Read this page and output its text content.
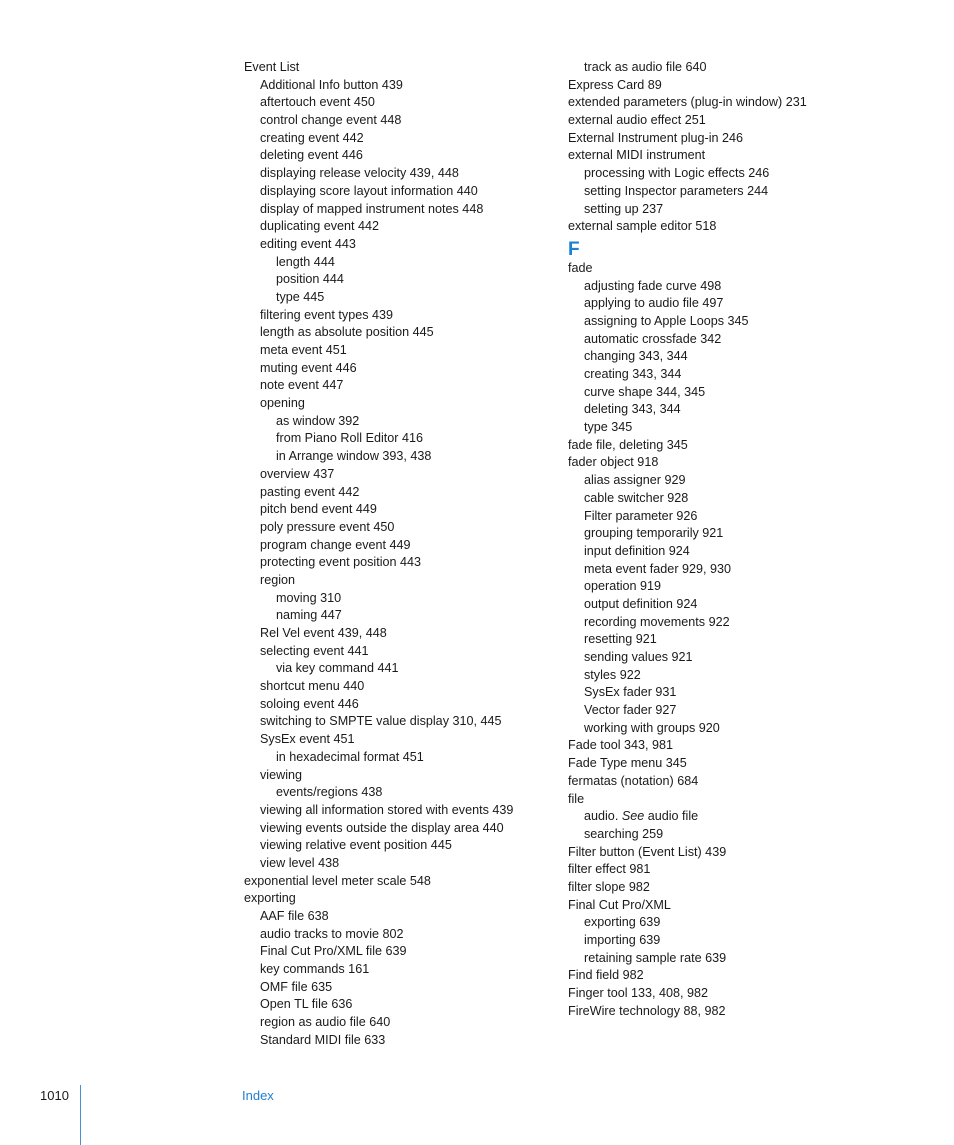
Event List
Additional Info button 439
aftertouch event 450
control change event 448
creating event 442
deleting event 446
displaying release velocity 439, 448
displaying score layout information 440
display of mapped instrument notes 448
duplicating event 442
editing event 443
length 444
position 444
type 445
filtering event types 439
length as absolute position 445
meta event 451
muting event 446
note event 447
opening
as window 392
from Piano Roll Editor 416
in Arrange window 393, 438
overview 437
pasting event 442
pitch bend event 449
poly pressure event 450
program change event 449
protecting event position 443
region
moving 310
naming 447
Rel Vel event 439, 448
selecting event 441
via key command 441
shortcut menu 440
soloing event 446
switching to SMPTE value display 310, 445
SysEx event 451
in hexadecimal format 451
viewing
events/regions 438
viewing all information stored with events 439
viewing events outside the display area 440
viewing relative event position 445
view level 438
exponential level meter scale 548
exporting
AAF file 638
audio tracks to movie 802
Final Cut Pro/XML file 639
key commands 161
OMF file 635
Open TL file 636
region as audio file 640
Standard MIDI file 633
track as audio file 640
Express Card 89
extended parameters (plug-in window) 231
external audio effect 251
External Instrument plug-in 246
external MIDI instrument
processing with Logic effects 246
setting Inspector parameters 244
setting up 237
external sample editor 518
F
fade
adjusting fade curve 498
applying to audio file 497
assigning to Apple Loops 345
automatic crossfade 342
changing 343, 344
creating 343, 344
curve shape 344, 345
deleting 343, 344
type 345
fade file, deleting 345
fader object 918
alias assigner 929
cable switcher 928
Filter parameter 926
grouping temporarily 921
input definition 924
meta event fader 929, 930
operation 919
output definition 924
recording movements 922
resetting 921
sending values 921
styles 922
SysEx fader 931
Vector fader 927
working with groups 920
Fade tool 343, 981
Fade Type menu 345
fermatas (notation) 684
file
audio. See audio file
searching 259
Filter button (Event List) 439
filter effect 981
filter slope 982
Final Cut Pro/XML
exporting 639
importing 639
retaining sample rate 639
Find field 982
Finger tool 133, 408, 982
FireWire technology 88, 982
1010	Index
